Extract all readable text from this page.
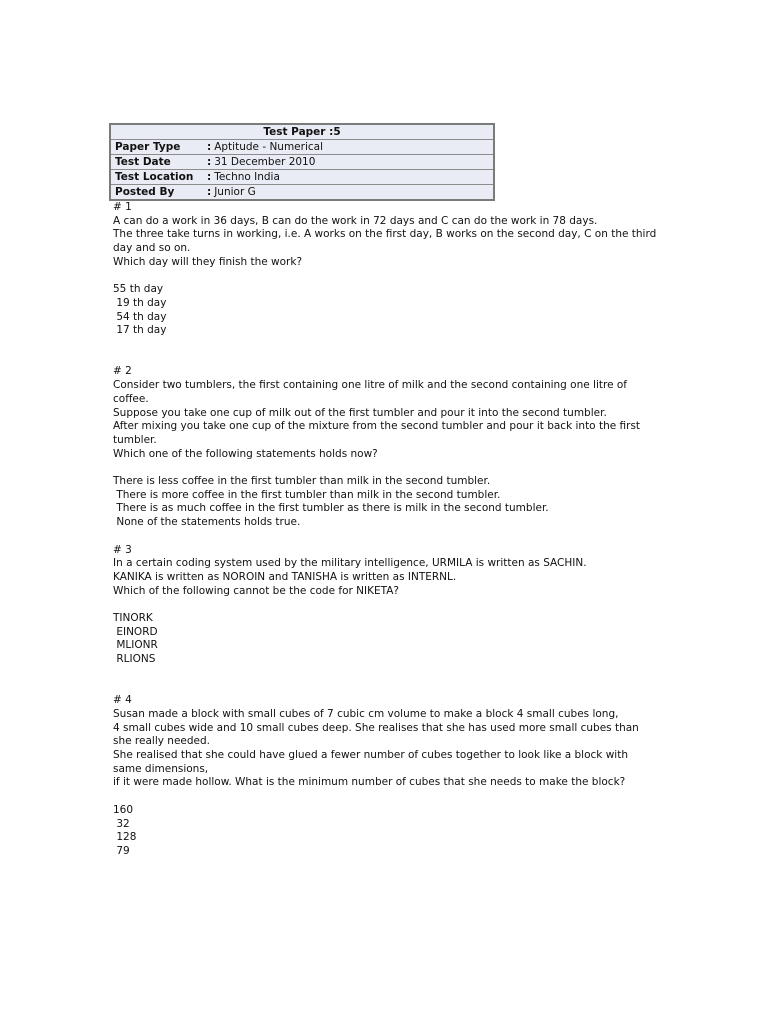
Test Paper :5	
Paper Type	: Aptitude - Numerical
Test Date	: 31 December 2010
Test Location	: Techno India
Posted By	: Junior G

# 1

A can do a work in 36 days, B can do the work in 72 days and C can do the work in 78 days.
The three take turns in working, i.e. A works on the first day, B works on the second day, C on the third day and so on.
Which day will they finish the work?

55 th day

19 th day

54 th day

17 th day

# 2

Consider two tumblers, the first containing one litre of milk and the second containing one litre of coffee.
Suppose you take one cup of milk out of the first tumbler and pour it into the second tumbler.
After mixing you take one cup of the mixture from the second tumbler and pour it back into the first tumbler.
Which one of the following statements holds now?

There is less coffee in the first tumbler than milk in the second tumbler.

There is more coffee in the first tumbler than milk in the second tumbler.

There is as much coffee in the first tumbler as there is milk in the second tumbler.

None of the statements holds true.

# 3

In a certain coding system used by the military intelligence, URMILA is written as SACHIN.
KANIKA is written as NOROIN and TANISHA is written as INTERNL.
Which of the following cannot be the code for NIKETA?

TINORK

EINORD

MLIONR

RLIONS

# 4

Susan made a block with small cubes of 7 cubic cm volume to make a block 4 small cubes long,
4 small cubes wide and 10 small cubes deep. She realises that she has used more small cubes than she really needed.
She realised that she could have glued a fewer number of cubes together to look like a block with same dimensions,
if it were made hollow. What is the minimum number of cubes that she needs to make the block?

160

32

128

79
